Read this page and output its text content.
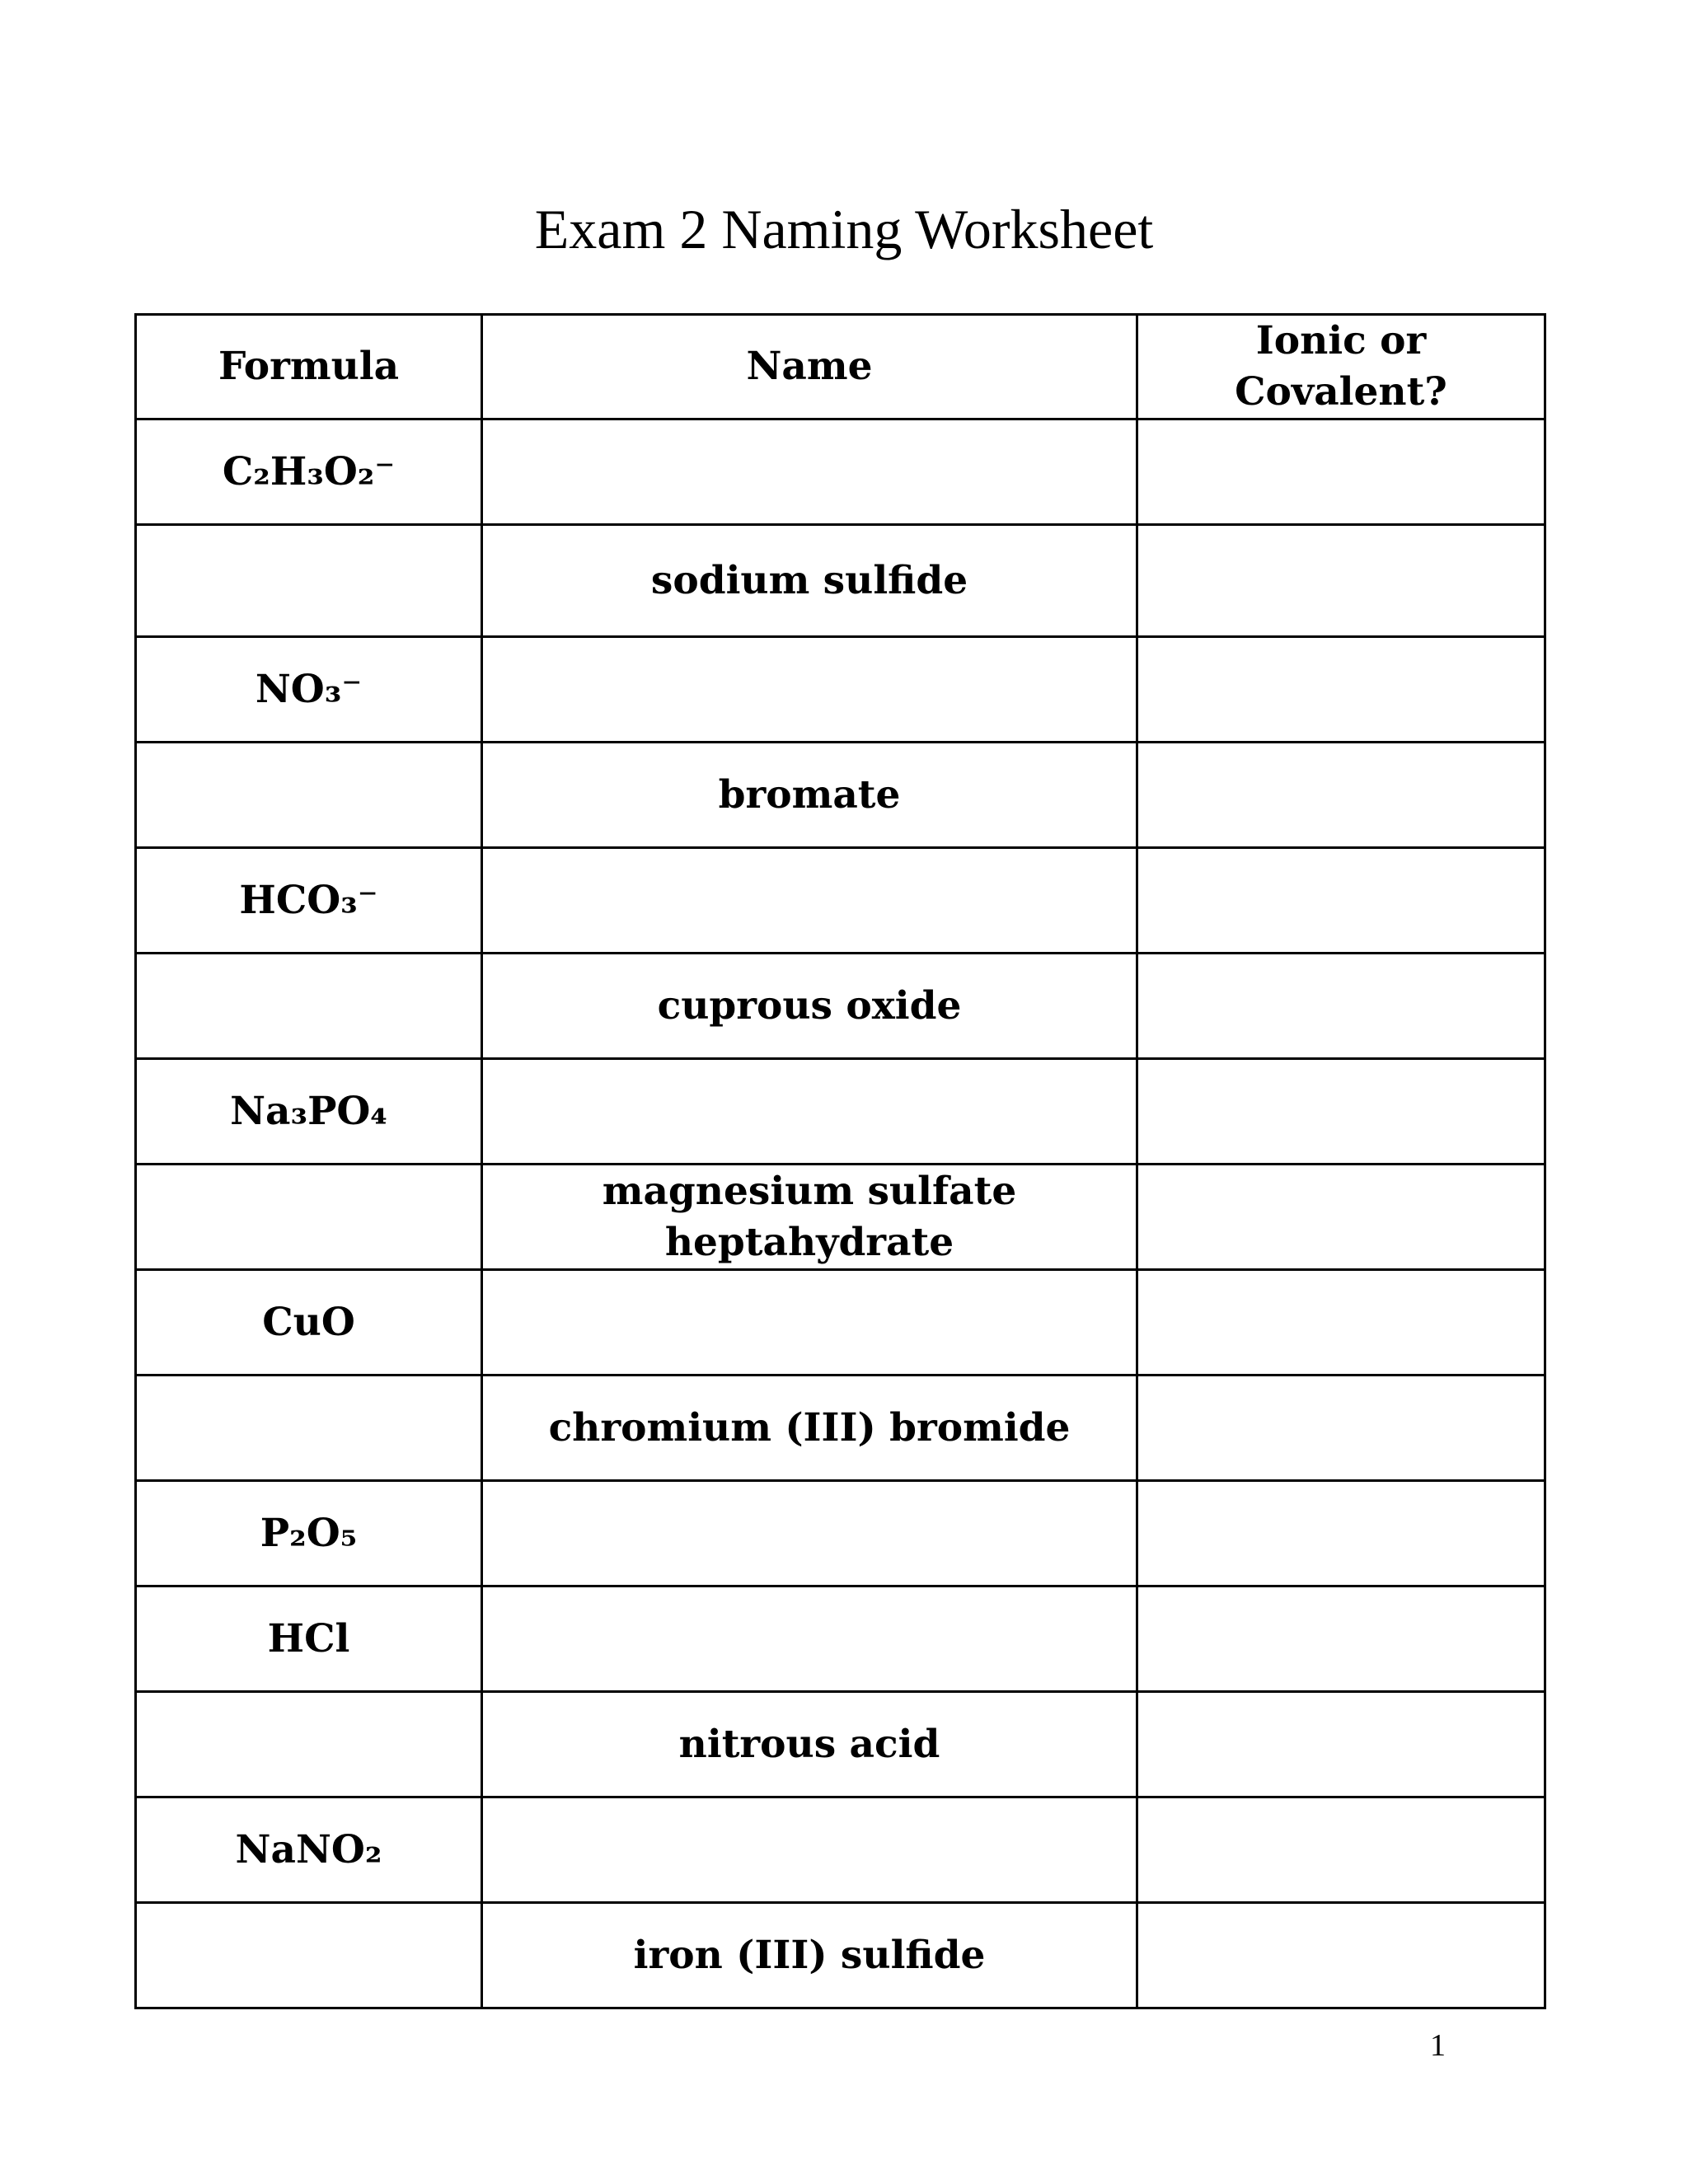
Exam 2 Naming Worksheet
Formula	Name	Ionic or Covalent?
C₂H₃O₂⁻		
	sodium sulfide	
NO₃⁻		
	bromate	
HCO₃⁻		
	cuprous oxide	
Na₃PO₄		
	magnesium sulfate
heptahydrate	
CuO		
	chromium (III) bromide	
P₂O₅		
HCl		
	nitrous acid	
NaNO₂		
	iron (III) sulfide	
1
